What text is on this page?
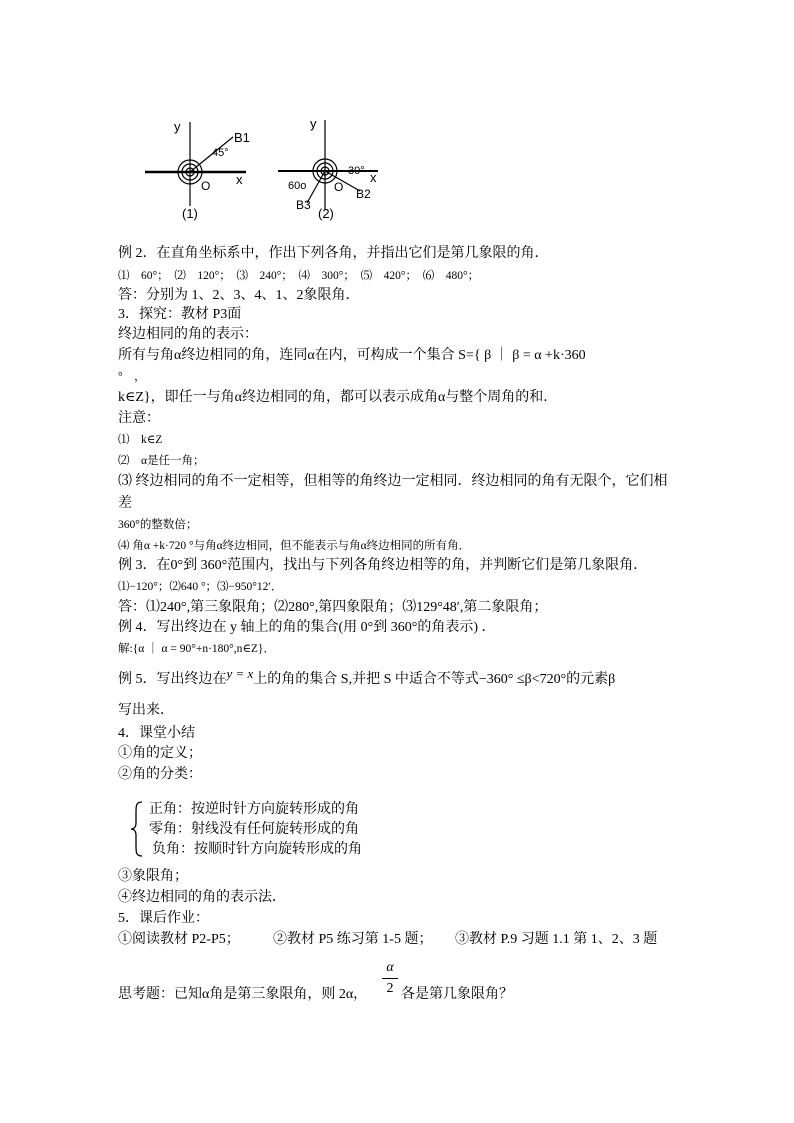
y
x
O
B1
45°
(1)
y
x
O
30°
60o
B2
B3
(2)
例 2．在直角坐标系中，作出下列各角，并指出它们是第几象限的角．
⑴　60°；　⑵　120°；　⑶　240°；　⑷　300°；　⑸　420°；　⑹　480°；
答：分别为 1、2、3、4、1、2象限角．
3．探究：教材 P3面
终边相同的角的表示：
所有与角α终边相同的角，连同α在内，可构成一个集合 S={ β ｜ β = α +k·360
°　，
k∈Z}，即任一与角α终边相同的角，都可以表示成角α与整个周角的和．
注意：
⑴　k∈Z
⑵　α是任一角；
⑶ 终边相同的角不一定相等，但相等的角终边一定相同．终边相同的角有无限个，它们相
差
360°的整数倍；
⑷ 角α +k·720 °与角α终边相同，但不能表示与角α终边相同的所有角．
例 3．在0°到 360°范围内，找出与下列各角终边相等的角，并判断它们是第几象限角．
⑴−120°；⑵640 °；⑶−950°12′．
答：⑴240°,第三象限角；⑵280°,第四象限角；⑶129°48′,第二象限角；
例 4．写出终边在 y 轴上的角的集合(用 0°到 360°的角表示) ．
解:{α ｜ α = 90°+n·180°,n∈Z}．
例 5．写出终边在y = x上的角的集合 S,并把 S 中适合不等式−360° ≤β<720°的元素β
写出来．
4．课堂小结
①角的定义；
②角的分类：
正角：按逆时针方向旋转形成的角
零角：射线没有任何旋转形成的角
负角：按顺时针方向旋转形成的角
③象限角；
④终边相同的角的表示法．
5．课后作业：
①阅读教材 P2-P5； ②教材 P5 练习第 1-5 题； ③教材 P.9 习题 1.1 第 1、2、3 题
思考题：已知α角是第三象限角，则 2α，
α
2 各是第几象限角？
